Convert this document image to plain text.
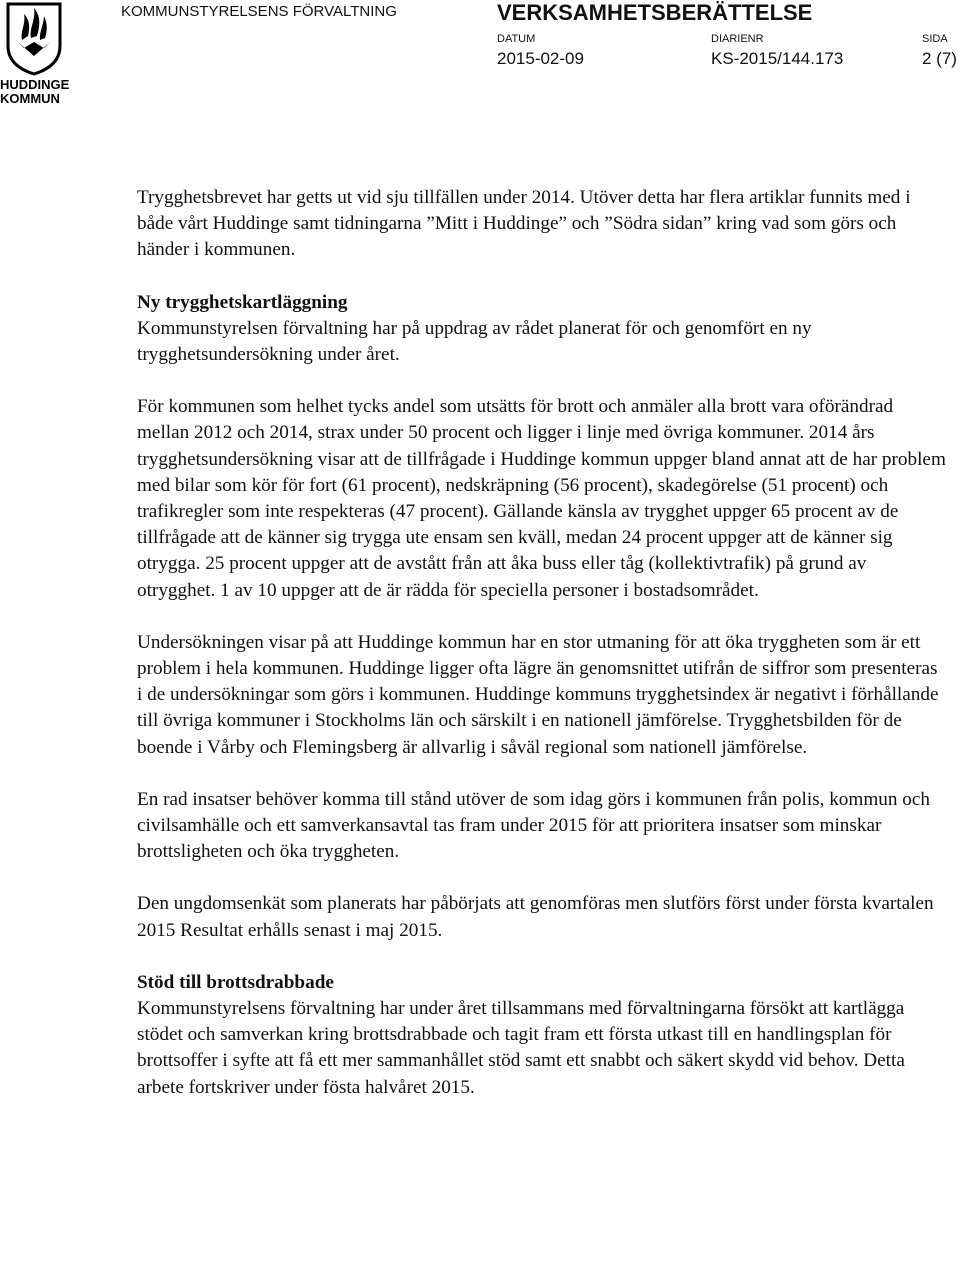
HUDDINGE
KOMMUN
KOMMUNSTYRELSENS FÖRVALTNING	VERKSAMHETSBERÄTTELSE
DATUM	DIARIENR	SIDA
2015-02-09	KS-2015/144.173	2 (7)

Trygghetsbrevet har getts ut vid sju tillfällen under 2014. Utöver detta har flera artiklar funnits med i både vårt Huddinge samt tidningarna ”Mitt i Huddinge” och ”Södra sidan” kring vad som görs och händer i kommunen.

Ny trygghetskartläggning

Kommunstyrelsen förvaltning har på uppdrag av rådet planerat för och genomfört en ny trygghetsundersökning under året.

För kommunen som helhet tycks andel som utsätts för brott och anmäler alla brott vara oförändrad mellan 2012 och 2014, strax under 50 procent och ligger i linje med övriga kommuner. 2014 års trygghetsundersökning visar att de tillfrågade i Huddinge kommun uppger bland annat att de har problem med bilar som kör för fort (61 procent), nedskräpning (56 procent), skadegörelse (51 procent) och trafikregler som inte respekteras (47 procent). Gällande känsla av trygghet uppger 65 procent av de tillfrågade att de känner sig trygga ute ensam sen kväll, medan 24 procent uppger att de känner sig otrygga. 25 procent uppger att de avstått från att åka buss eller tåg (kollektivtrafik) på grund av otrygghet. 1 av 10 uppger att de är rädda för speciella personer i bostadsområdet.

Undersökningen visar på att Huddinge kommun har en stor utmaning för att öka tryggheten som är ett problem i hela kommunen. Huddinge ligger ofta lägre än genomsnittet utifrån de siffror som presenteras i de undersökningar som görs i kommunen. Huddinge kommuns trygghetsindex är negativt i förhållande till övriga kommuner i Stockholms län och särskilt i en nationell jämförelse. Trygghetsbilden för de boende i Vårby och Flemingsberg är allvarlig i såväl regional som nationell jämförelse.

En rad insatser behöver komma till stånd utöver de som idag görs i kommunen från polis, kommun och civilsamhälle och ett samverkansavtal tas fram under 2015 för att prioritera insatser som minskar brottsligheten och öka tryggheten.

Den ungdomsenkät som planerats har påbörjats att genomföras men slutförs först under första kvartalen 2015 Resultat erhålls senast i maj 2015.

Stöd till brottsdrabbade

Kommunstyrelsens förvaltning har under året tillsammans med förvaltningarna försökt att kartlägga stödet och samverkan kring brottsdrabbade och tagit fram ett första utkast till en handlingsplan för brottsoffer i syfte att få ett mer sammanhållet stöd samt ett snabbt och säkert skydd vid behov. Detta arbete fortskriver under fösta halvåret 2015.
